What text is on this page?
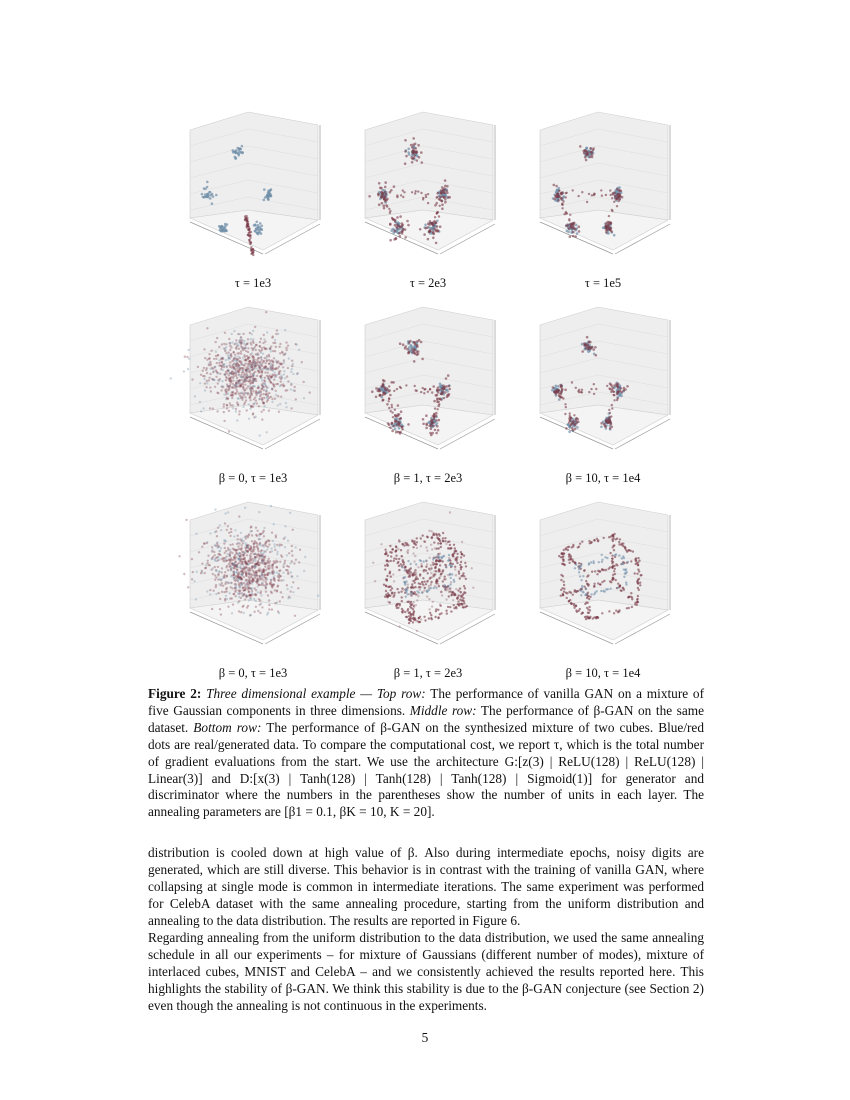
τ = 1e3	τ = 2e3	τ = 1e5
β = 0, τ = 1e3	β = 1, τ = 2e3	β = 10, τ = 1e4
β = 0, τ = 1e3	β = 1, τ = 2e3	β = 10, τ = 1e4
Figure 2: Three dimensional example — Top row: The performance of vanilla GAN on a mixture of five Gaussian components in three dimensions. Middle row: The performance of β-GAN on the same dataset. Bottom row: The performance of β-GAN on the synthesized mixture of two cubes. Blue/red dots are real/generated data. To compare the computational cost, we report τ, which is the total number of gradient evaluations from the start. We use the architecture G:[z(3) | ReLU(128) | ReLU(128) | Linear(3)] and D:[x(3) | Tanh(128) | Tanh(128) | Tanh(128) | Sigmoid(1)] for generator and discriminator where the numbers in the parentheses show the number of units in each layer. The annealing parameters are [β1 = 0.1, βK = 10, K = 20].

distribution is cooled down at high value of β. Also during intermediate epochs, noisy digits are generated, which are still diverse. This behavior is in contrast with the training of vanilla GAN, where collapsing at single mode is common in intermediate iterations. The same experiment was performed for CelebA dataset with the same annealing procedure, starting from the uniform distribution and annealing to the data distribution. The results are reported in Figure 6.

Regarding annealing from the uniform distribution to the data distribution, we used the same annealing schedule in all our experiments – for mixture of Gaussians (different number of modes), mixture of interlaced cubes, MNIST and CelebA – and we consistently achieved the results reported here. This highlights the stability of β-GAN. We think this stability is due to the β-GAN conjecture (see Section 2) even though the annealing is not continuous in the experiments.

5
